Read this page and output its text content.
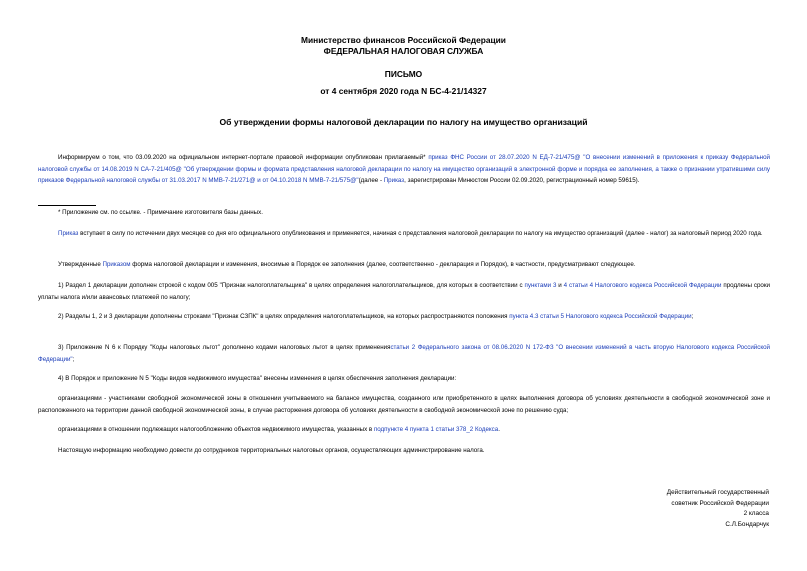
Министерство финансов Российской Федерации
ФЕДЕРАЛЬНАЯ НАЛОГОВАЯ СЛУЖБА
ПИСЬМО
от 4 сентября 2020 года N БС-4-21/14327
Об утверждении формы налоговой декларации по налогу на имущество организаций
Информируем о том, что 03.09.2020 на официальном интернет-портале правовой информации опубликован прилагаемый* приказ ФНС России от 28.07.2020 N ЕД-7-21/475@ "О внесении изменений в приложения к приказу Федеральной налоговой службы от 14.08.2019 N СА-7-21/405@ "Об утверждении формы и формата представления налоговой декларации по налогу на имущество организаций в электронной форме и порядка ее заполнения, а также о признании утратившими силу приказов Федеральной налоговой службы от 31.03.2017 N ММВ-7-21/271@ и от 04.10.2018 N ММВ-7-21/575@"(далее - Приказ, зарегистрирован Минюстом России 02.09.2020, регистрационный номер 59615).
* Приложение см. по ссылке. - Примечание изготовителя базы данных.
Приказ вступает в силу по истечении двух месяцев со дня его официального опубликования и применяется, начиная с представления налоговой декларации по налогу на имущество организаций (далее - налог) за налоговый период 2020 года.
Утвержденные Приказом форма налоговой декларации и изменения, вносимые в Порядок ее заполнения (далее, соответственно - декларация и Порядок), в частности, предусматривают следующее.
1) Раздел 1 декларации дополнен строкой с кодом 005 "Признак налогоплательщика" в целях определения налогоплательщиков, для которых в соответствии с пунктами 3 и 4 статьи 4 Налогового кодекса Российской Федерации продлены сроки уплаты налога и/или авансовых платежей по налогу;
2) Разделы 1, 2 и 3 декларации дополнены строками "Признак СЗПК" в целях определения налогоплательщиков, на которых распространяются положения пункта 4.3 статьи 5 Налогового кодекса Российской Федерации;
3) Приложение N 6 к Порядку "Коды налоговых льгот" дополнено кодами налоговых льгот в целях применениястатьи 2 Федерального закона от 08.06.2020 N 172-ФЗ "О внесении изменений в часть вторую Налогового кодекса Российской Федерации";
4) В Порядок и приложение N 5 "Коды видов недвижимого имущества" внесены изменения в целях обеспечения заполнения декларации:
организациями - участниками свободной экономической зоны в отношении учитываемого на балансе имущества, созданного или приобретенного в целях выполнения договора об условиях деятельности в свободной экономической зоне и расположенного на территории данной свободной экономической зоны, в случае расторжения договора об условиях деятельности в свободной экономической зоне по решению суда;
организациями в отношении подлежащих налогообложению объектов недвижимого имущества, указанных в подпункте 4 пункта 1 статьи 378_2 Кодекса.
Настоящую информацию необходимо довести до сотрудников территориальных налоговых органов, осуществляющих администрирование налога.
Действительный государственный
советник Российской Федерации
2 класса
С.Л.Бондарчук
